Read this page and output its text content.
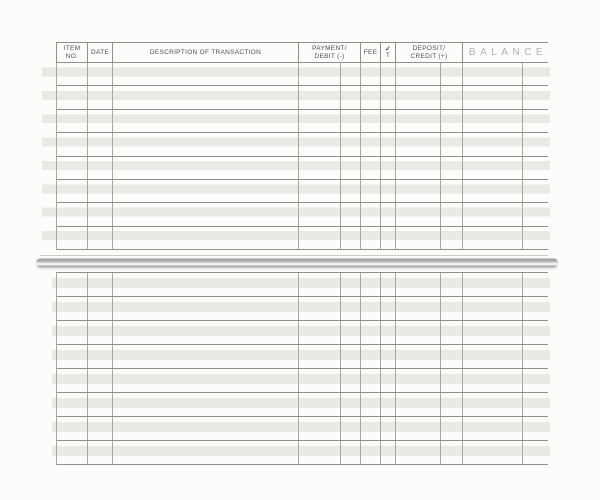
ITEM
NO.
DATE	DESCRIPTION OF TRANSACTION
PAYMENT/
DEBIT (-)
FEE ✓
T
DEPOSIT/
CREDIT (+)	BALANCE
